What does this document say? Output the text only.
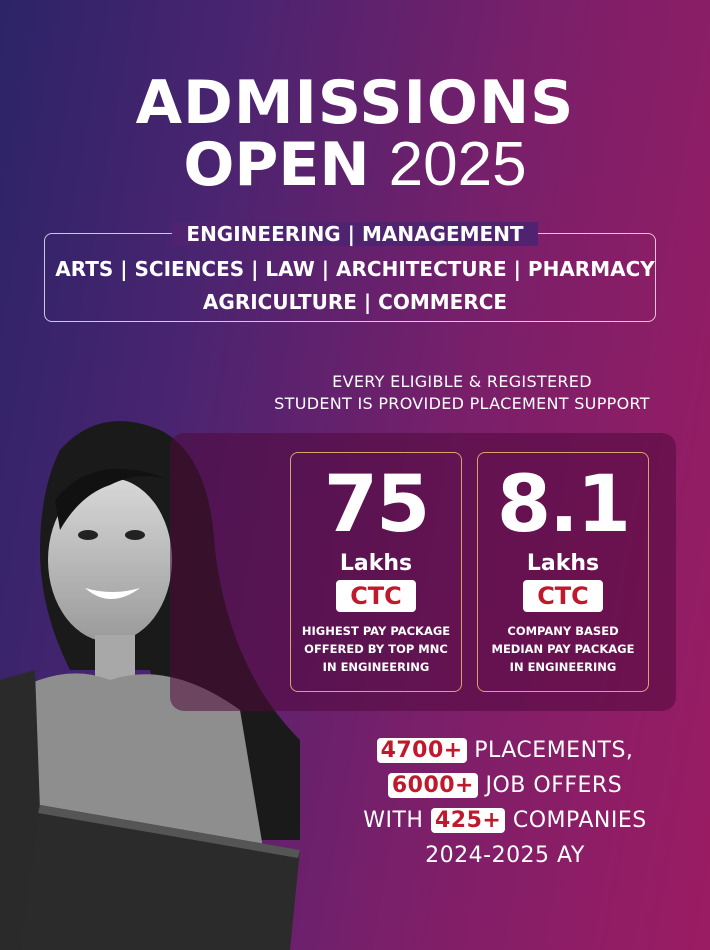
ADMISSIONS
OPEN 2025
ENGINEERING | MANAGEMENT
ARTS | SCIENCES | LAW | ARCHITECTURE | PHARMACY
AGRICULTURE | COMMERCE
EVERY ELIGIBLE & REGISTERED
STUDENT IS PROVIDED PLACEMENT SUPPORT
75
Lakhs
CTC
HIGHEST PAY PACKAGE
OFFERED BY TOP MNC
IN ENGINEERING
8.1
Lakhs
CTC
COMPANY BASED
MEDIAN PAY PACKAGE
IN ENGINEERING
4700+ PLACEMENTS,
6000+ JOB OFFERS
WITH 425+ COMPANIES
2024-2025 AY
